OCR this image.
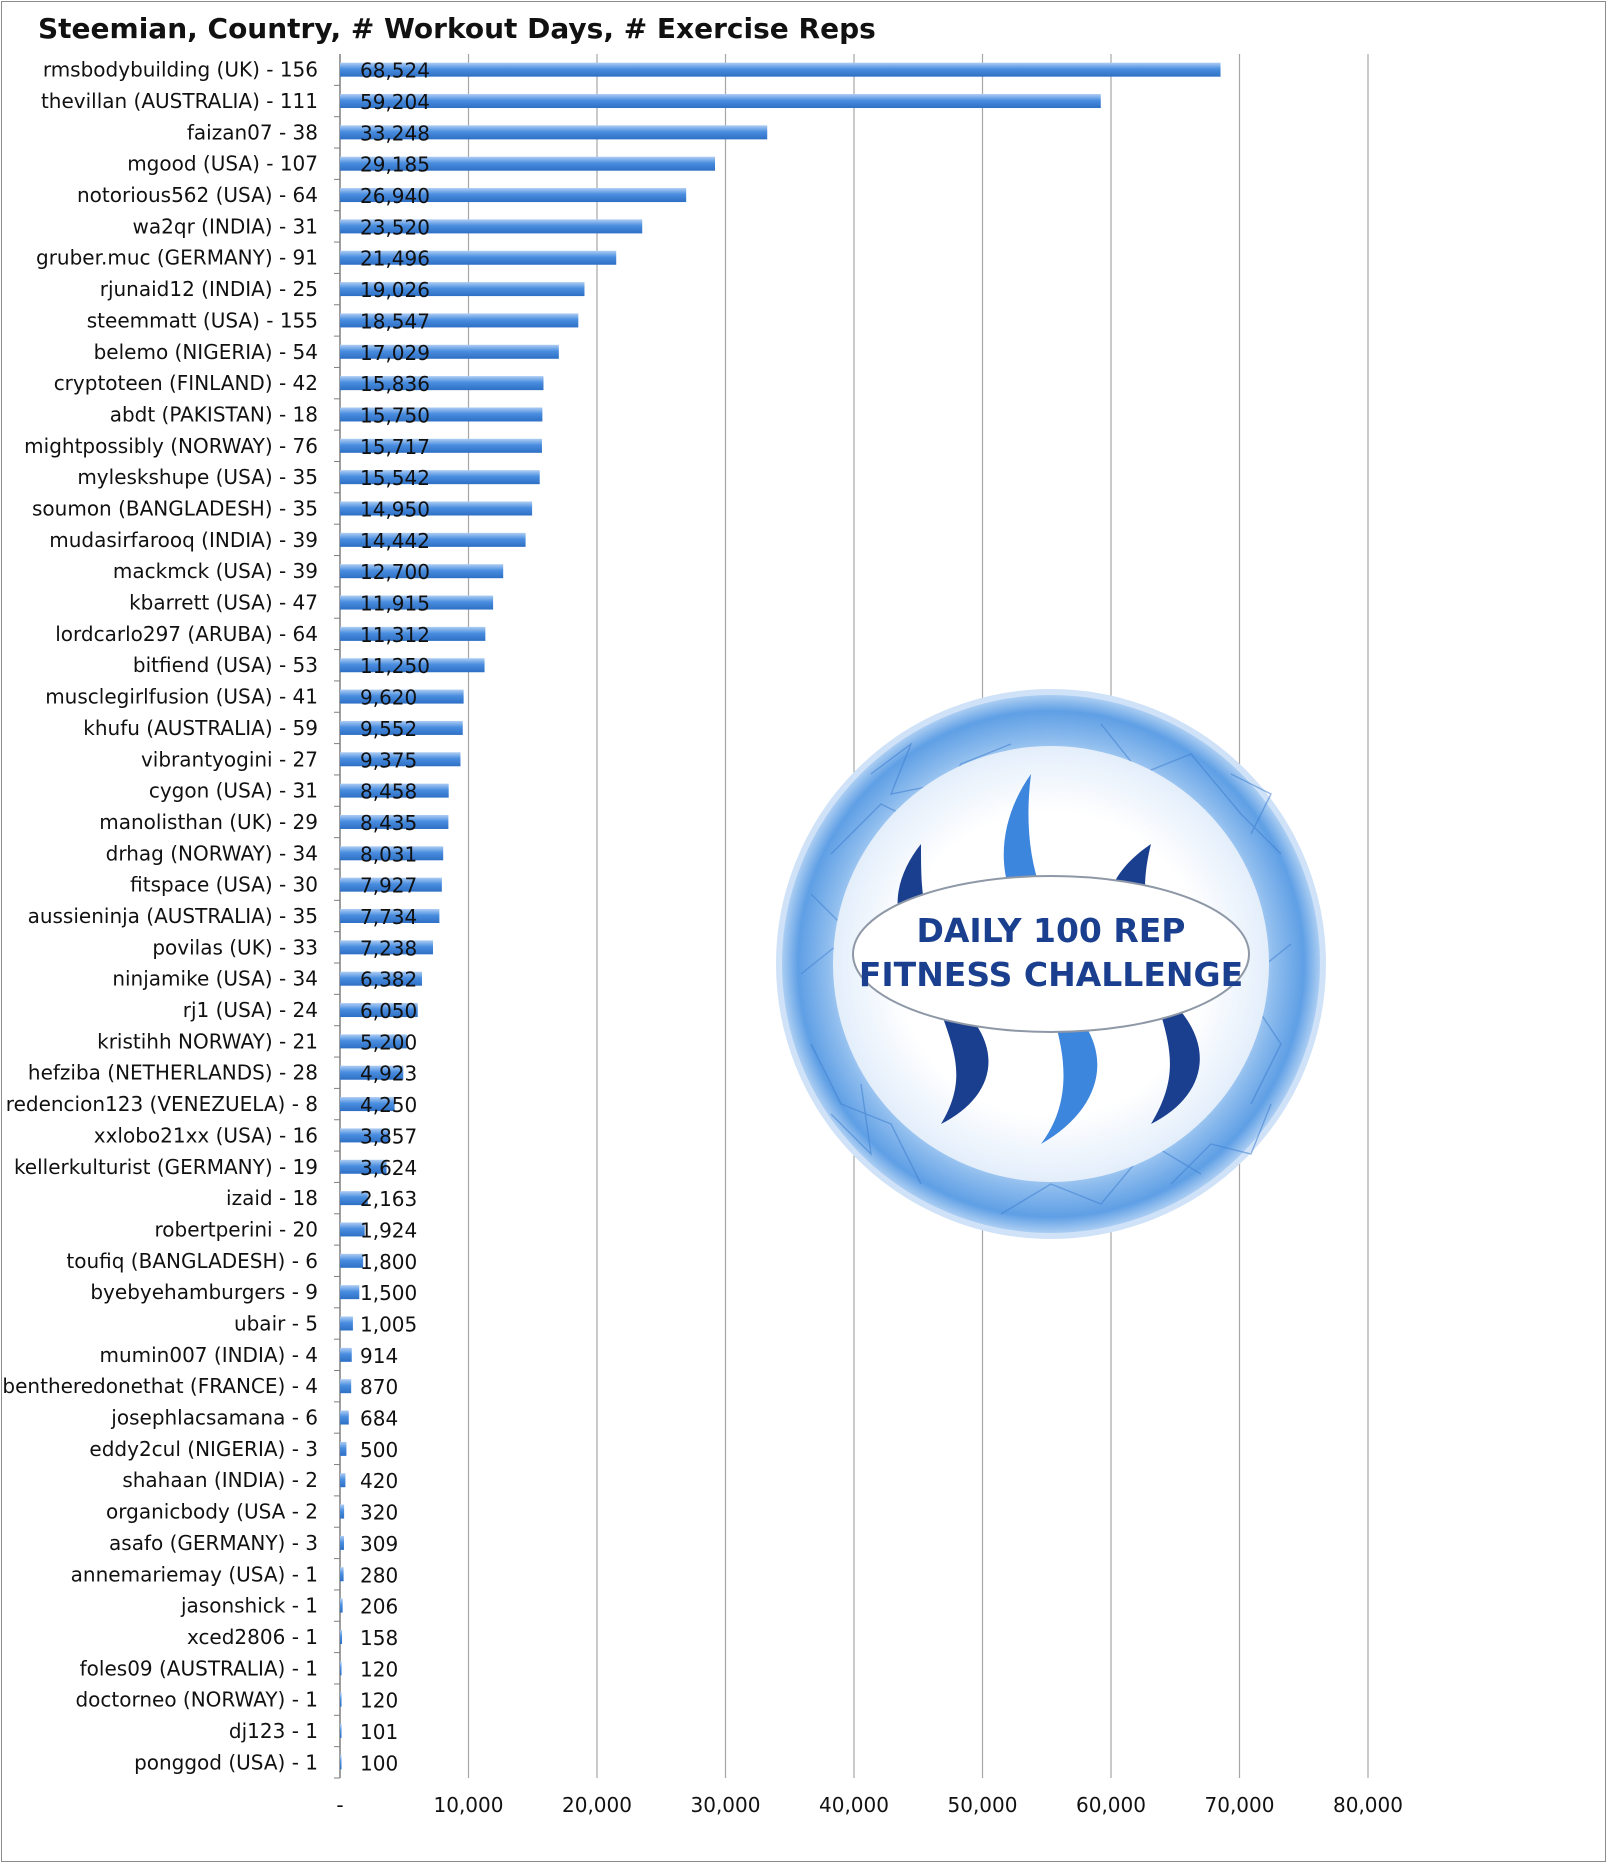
Steemian, Country, # Workout Days, # Exercise Reps
rmsbodybuilding (UK) - 156 68,524
thevillan (AUSTRALIA) - 111 59,204
faizan07 - 38 33,248
mgood (USA) - 107 29,185
notorious562 (USA) - 64 26,940
wa2qr (INDIA) - 31 23,520
gruber.muc (GERMANY) - 91 21,496
rjunaid12 (INDIA) - 25 19,026
steemmatt (USA) - 155 18,547
belemo (NIGERIA) - 54 17,029
cryptoteen (FINLAND) - 42 15,836
abdt (PAKISTAN) - 18 15,750
mightpossibly (NORWAY) - 76 15,717
myleskshupe (USA) - 35 15,542
soumon (BANGLADESH) - 35 14,950
mudasirfarooq (INDIA) - 39 14,442
mackmck (USA) - 39 12,700
kbarrett (USA) - 47 11,915
lordcarlo297 (ARUBA) - 64 11,312
bitfiend (USA) - 53 11,250
musclegirlfusion (USA) - 41 9,620
khufu (AUSTRALIA) - 59 9,552
vibrantyogini - 27 9,375
cygon (USA) - 31 8,458
manolisthan (UK) - 29 8,435
drhag (NORWAY) - 34 8,031
fitspace (USA) - 30 7,927
aussieninja (AUSTRALIA) - 35 7,734
povilas (UK) - 33 7,238
ninjamike (USA) - 34 6,382
rj1 (USA) - 24 6,050
kristihh NORWAY) - 21 5,200
hefziba (NETHERLANDS) - 28 4,923
redencion123 (VENEZUELA) - 8 4,250
xxlobo21xx (USA) - 16 3,857
kellerkulturist (GERMANY) - 19 3,624
izaid - 18 2,163
robertperini - 20 1,924
toufiq (BANGLADESH) - 6 1,800
byebyehamburgers - 9 1,500
ubair - 5 1,005
mumin007 (INDIA) - 4 914
bentheredonethat (FRANCE) - 4 870
josephlacsamana - 6 684
eddy2cul (NIGERIA) - 3 500
shahaan (INDIA) - 2 420
organicbody (USA - 2 320
asafo (GERMANY) - 3 309
annemariemay (USA) - 1 280
jasonshick - 1 206
xced2806 - 1 158
foles09 (AUSTRALIA) - 1 120
doctorneo (NORWAY) - 1 120
dj123 - 1 101
ponggod (USA) - 1 100
-	10,000	20,000	30,000	40,000	50,000	60,000	70,000	80,000
DAILY 100 REP
FITNESS CHALLENGE
